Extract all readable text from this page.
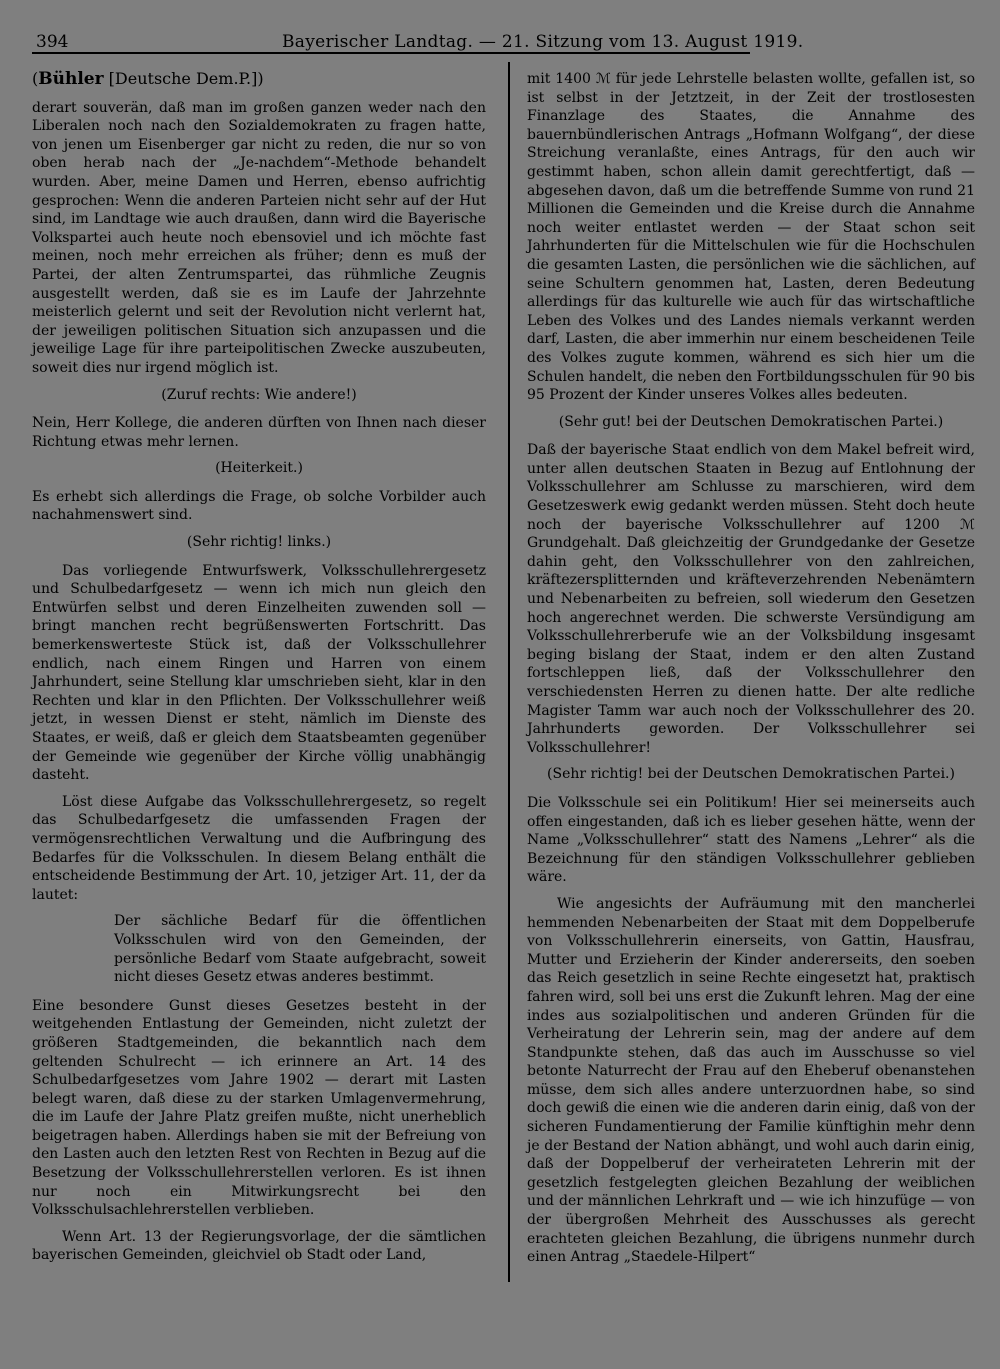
394	Bayerischer Landtag. — 21. Sitzung vom 13. August 1919.
(Bühler [Deutsche Dem.P.])

derart souverän, daß man im großen ganzen weder nach den Liberalen noch nach den Sozialdemokraten zu fragen hatte, von jenen um Eisenberger gar nicht zu reden, die nur so von oben herab nach der „Je-nachdem“-Methode behandelt wurden. Aber, meine Damen und Herren, ebenso aufrichtig gesprochen: Wenn die anderen Parteien nicht sehr auf der Hut sind, im Landtage wie auch draußen, dann wird die Bayerische Volkspartei auch heute noch ebensoviel und ich möchte fast meinen, noch mehr erreichen als früher; denn es muß der Partei, der alten Zentrumspartei, das rühmliche Zeugnis ausgestellt werden, daß sie es im Laufe der Jahrzehnte meisterlich gelernt und seit der Revolution nicht verlernt hat, der jeweiligen politischen Situation sich anzupassen und die jeweilige Lage für ihre parteipolitischen Zwecke auszubeuten, soweit dies nur irgend möglich ist.

(Zuruf rechts: Wie andere!)

Nein, Herr Kollege, die anderen dürften von Ihnen nach dieser Richtung etwas mehr lernen.

(Heiterkeit.)

Es erhebt sich allerdings die Frage, ob solche Vorbilder auch nachahmenswert sind.

(Sehr richtig! links.)

Das vorliegende Entwurfswerk, Volksschullehrergesetz und Schulbedarfgesetz — wenn ich mich nun gleich den Entwürfen selbst und deren Einzelheiten zuwenden soll — bringt manchen recht begrüßenswerten Fortschritt. Das bemerkenswerteste Stück ist, daß der Volksschullehrer endlich, nach einem Ringen und Harren von einem Jahrhundert, seine Stellung klar umschrieben sieht, klar in den Rechten und klar in den Pflichten. Der Volksschullehrer weiß jetzt, in wessen Dienst er steht, nämlich im Dienste des Staates, er weiß, daß er gleich dem Staatsbeamten gegenüber der Gemeinde wie gegenüber der Kirche völlig unabhängig dasteht.

Löst diese Aufgabe das Volksschullehrergesetz, so regelt das Schulbedarfgesetz die umfassenden Fragen der vermögensrechtlichen Verwaltung und die Aufbringung des Bedarfes für die Volksschulen. In diesem Belang enthält die entscheidende Bestimmung der Art. 10, jetziger Art. 11, der da lautet:

Der sächliche Bedarf für die öffentlichen Volksschulen wird von den Gemeinden, der persönliche Bedarf vom Staate aufgebracht, soweit nicht dieses Gesetz etwas anderes bestimmt.

Eine besondere Gunst dieses Gesetzes besteht in der weitgehenden Entlastung der Gemeinden, nicht zuletzt der größeren Stadtgemeinden, die bekanntlich nach dem geltenden Schulrecht — ich erinnere an Art. 14 des Schulbedarfgesetzes vom Jahre 1902 — derart mit Lasten belegt waren, daß diese zu der starken Umlagenvermehrung, die im Laufe der Jahre Platz greifen mußte, nicht unerheblich beigetragen haben. Allerdings haben sie mit der Befreiung von den Lasten auch den letzten Rest von Rechten in Bezug auf die Besetzung der Volksschullehrerstellen verloren. Es ist ihnen nur noch ein Mitwirkungsrecht bei den Volksschulsachlehrerstellen verblieben.

Wenn Art. 13 der Regierungsvorlage, der die sämtlichen bayerischen Gemeinden, gleichviel ob Stadt oder Land,

mit 1400 ℳ für jede Lehrstelle belasten wollte, gefallen ist, so ist selbst in der Jetztzeit, in der Zeit der trostlosesten Finanzlage des Staates, die Annahme des bauernbündlerischen Antrags „Hofmann Wolfgang“, der diese Streichung veranlaßte, eines Antrags, für den auch wir gestimmt haben, schon allein damit gerechtfertigt, daß — abgesehen davon, daß um die betreffende Summe von rund 21 Millionen die Gemeinden und die Kreise durch die Annahme noch weiter entlastet werden — der Staat schon seit Jahrhunderten für die Mittelschulen wie für die Hochschulen die gesamten Lasten, die persönlichen wie die sächlichen, auf seine Schultern genommen hat, Lasten, deren Bedeutung allerdings für das kulturelle wie auch für das wirtschaftliche Leben des Volkes und des Landes niemals verkannt werden darf, Lasten, die aber immerhin nur einem bescheidenen Teile des Volkes zugute kommen, während es sich hier um die Schulen handelt, die neben den Fortbildungsschulen für 90 bis 95 Prozent der Kinder unseres Volkes alles bedeuten.

(Sehr gut! bei der Deutschen Demokratischen Partei.)

Daß der bayerische Staat endlich von dem Makel befreit wird, unter allen deutschen Staaten in Bezug auf Entlohnung der Volksschullehrer am Schlusse zu marschieren, wird dem Gesetzeswerk ewig gedankt werden müssen. Steht doch heute noch der bayerische Volksschullehrer auf 1200 ℳ Grundgehalt. Daß gleichzeitig der Grundgedanke der Gesetze dahin geht, den Volksschullehrer von den zahlreichen, kräftezersplitternden und kräfteverzehrenden Nebenämtern und Nebenarbeiten zu befreien, soll wiederum den Gesetzen hoch angerechnet werden. Die schwerste Versündigung am Volksschullehrerberufe wie an der Volksbildung insgesamt beging bislang der Staat, indem er den alten Zustand fortschleppen ließ, daß der Volksschullehrer den verschiedensten Herren zu dienen hatte. Der alte redliche Magister Tamm war auch noch der Volksschullehrer des 20. Jahrhunderts geworden. Der Volksschullehrer sei Volksschullehrer!

(Sehr richtig! bei der Deutschen Demokratischen Partei.)

Die Volksschule sei ein Politikum! Hier sei meinerseits auch offen eingestanden, daß ich es lieber gesehen hätte, wenn der Name „Volksschullehrer“ statt des Namens „Lehrer“ als die Bezeichnung für den ständigen Volksschullehrer geblieben wäre.

Wie angesichts der Aufräumung mit den mancherlei hemmenden Nebenarbeiten der Staat mit dem Doppelberufe von Volksschullehrerin einerseits, von Gattin, Hausfrau, Mutter und Erzieherin der Kinder andererseits, den soeben das Reich gesetzlich in seine Rechte eingesetzt hat, praktisch fahren wird, soll bei uns erst die Zukunft lehren. Mag der eine indes aus sozialpolitischen und anderen Gründen für die Verheiratung der Lehrerin sein, mag der andere auf dem Standpunkte stehen, daß das auch im Ausschusse so viel betonte Naturrecht der Frau auf den Eheberuf obenanstehen müsse, dem sich alles andere unterzuordnen habe, so sind doch gewiß die einen wie die anderen darin einig, daß von der sicheren Fundamentierung der Familie künftighin mehr denn je der Bestand der Nation abhängt, und wohl auch darin einig, daß der Doppelberuf der verheirateten Lehrerin mit der gesetzlich festgelegten gleichen Bezahlung der weiblichen und der männlichen Lehrkraft und — wie ich hinzufüge — von der übergroßen Mehrheit des Ausschusses als gerecht erachteten gleichen Bezahlung, die übrigens nunmehr durch einen Antrag „Staedele-Hilpert“
